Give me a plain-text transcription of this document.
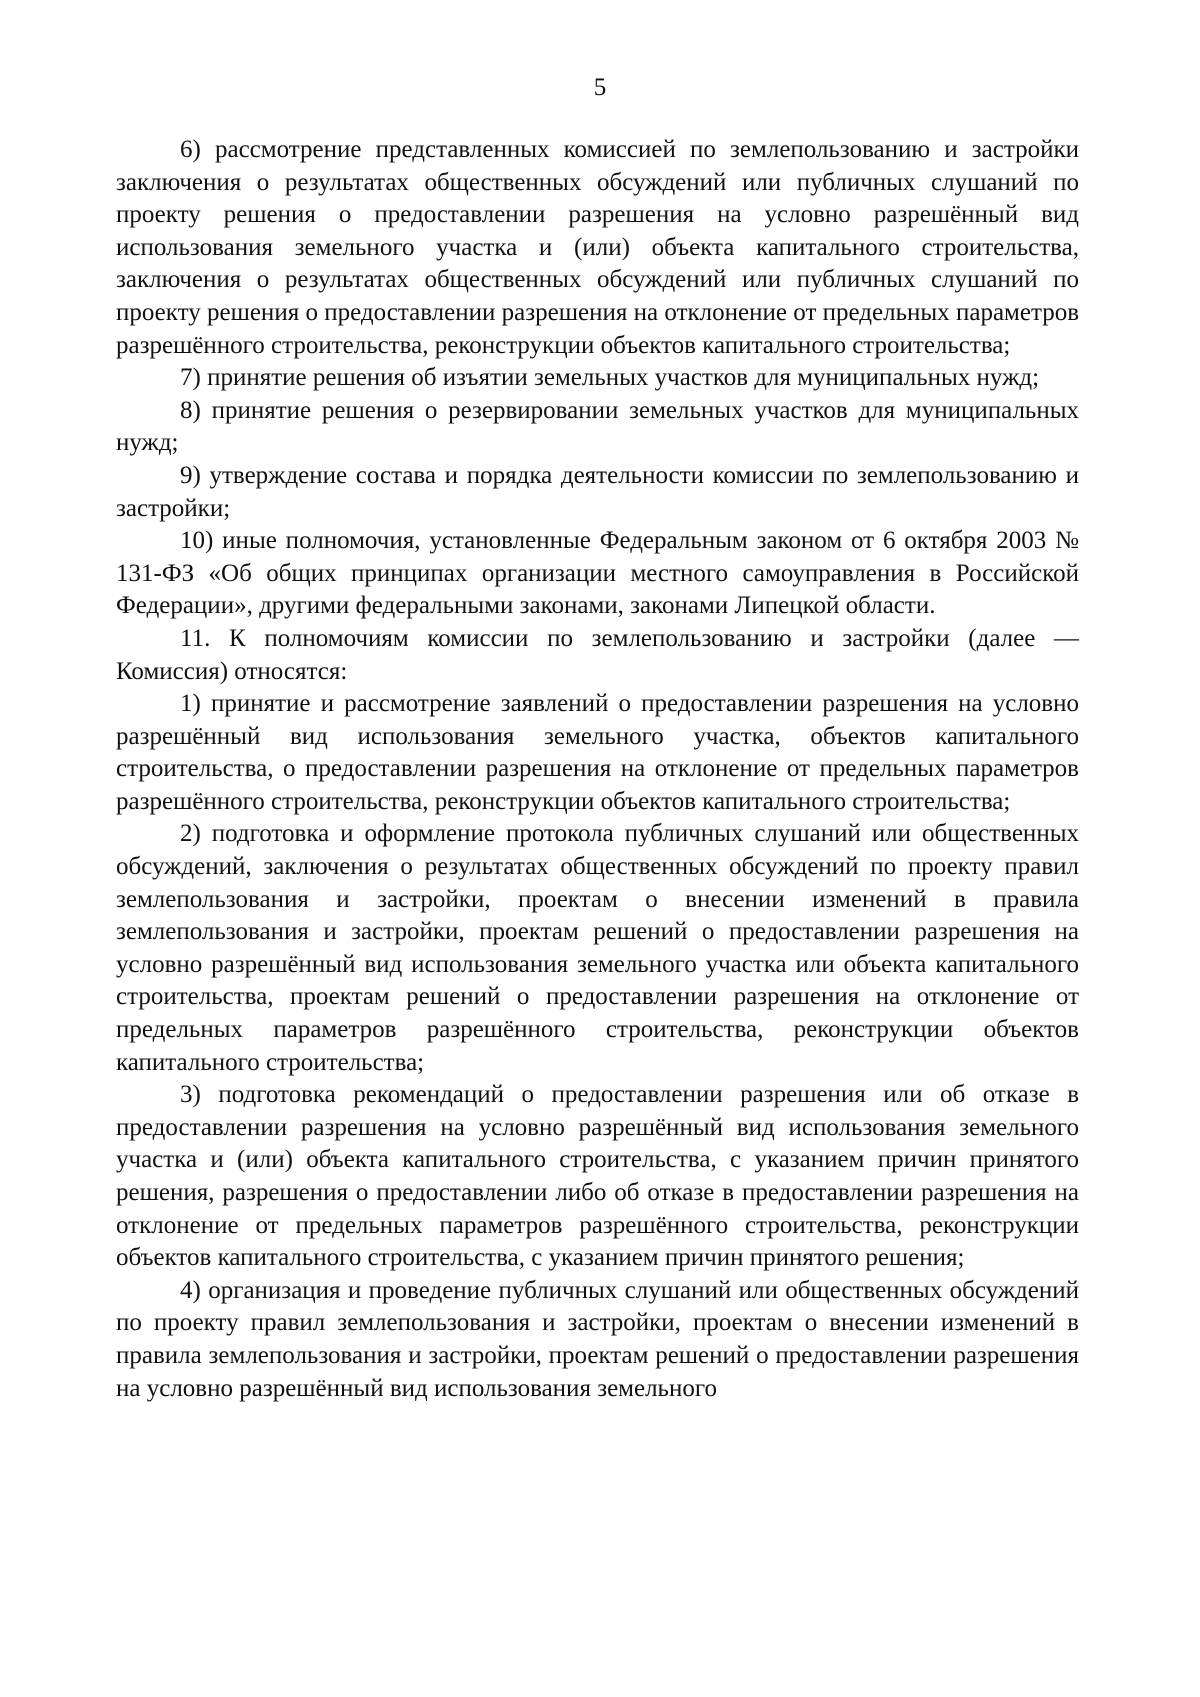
5

6) рассмотрение представленных комиссией по землепользованию и застройки заключения о результатах общественных обсуждений или публичных слушаний по проекту решения о предоставлении разрешения на условно разрешённый вид использования земельного участка и (или) объекта капитального строительства, заключения о результатах общественных обсуждений или публичных слушаний по проекту решения о предоставлении разрешения на отклонение от предельных параметров разрешённого строительства, реконструкции объектов капитального строительства;

7) принятие решения об изъятии земельных участков для муниципальных нужд;

8) принятие решения о резервировании земельных участков для муниципальных нужд;

9) утверждение состава и порядка деятельности комиссии по землепользованию и застройки;

10) иные полномочия, установленные Федеральным законом от 6 октября 2003 № 131-ФЗ «Об общих принципах организации местного самоуправления в Российской Федерации», другими федеральными законами, законами Липецкой области.

11. К полномочиям комиссии по землепользованию и застройки (далее — Комиссия) относятся:

1) принятие и рассмотрение заявлений о предоставлении разрешения на условно разрешённый вид использования земельного участка, объектов капитального строительства, о предоставлении разрешения на отклонение от предельных параметров разрешённого строительства, реконструкции объектов капитального строительства;

2) подготовка и оформление протокола публичных слушаний или общественных обсуждений, заключения о результатах общественных обсуждений по проекту правил землепользования и застройки, проектам о внесении изменений в правила землепользования и застройки, проектам решений о предоставлении разрешения на условно разрешённый вид использования земельного участка или объекта капитального строительства, проектам решений о предоставлении разрешения на отклонение от предельных параметров разрешённого строительства, реконструкции объектов капитального строительства;

3) подготовка рекомендаций о предоставлении разрешения или об отказе в предоставлении разрешения на условно разрешённый вид использования земельного участка и (или) объекта капитального строительства, с указанием причин принятого решения, разрешения о предоставлении либо об отказе в предоставлении разрешения на отклонение от предельных параметров разрешённого строительства, реконструкции объектов капитального строительства, с указанием причин принятого решения;

4) организация и проведение публичных слушаний или общественных обсуждений по проекту правил землепользования и застройки, проектам о внесении изменений в правила землепользования и застройки, проектам решений о предоставлении разрешения на условно разрешённый вид использования земельного
